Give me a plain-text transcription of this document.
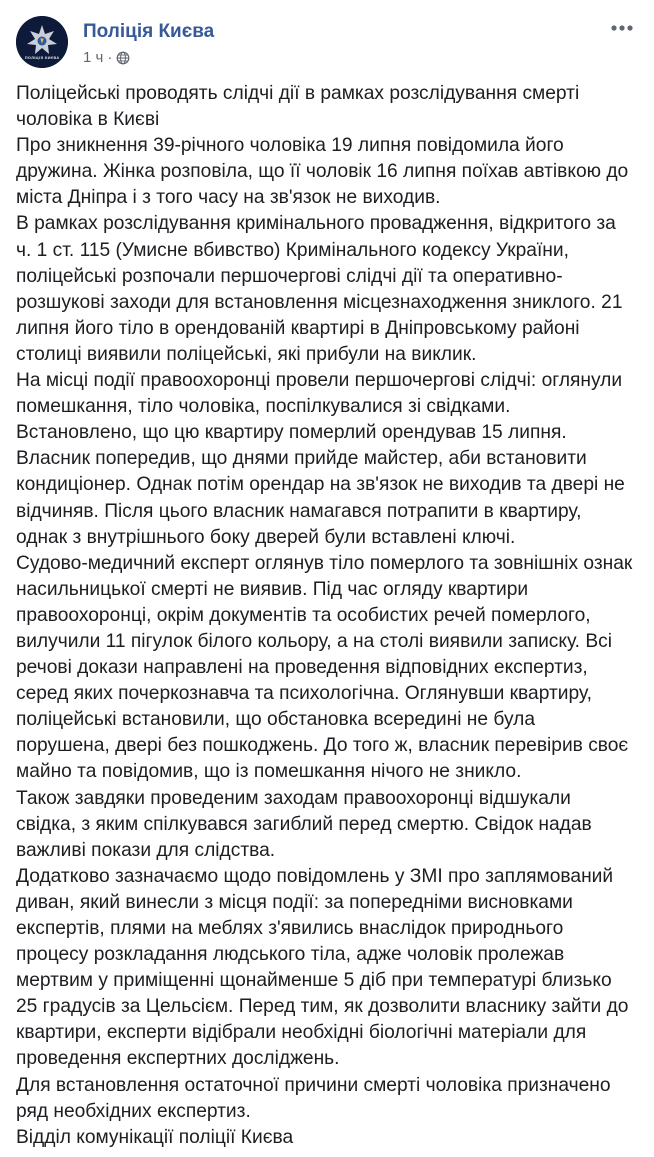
ПОЛІЦІЯ КИЄВА
Поліція Києва
1 ч ·

Поліцейські проводять слідчі дії в рамках розслідування смерті

чоловіка в Києві

Про зникнення 39-річного чоловіка 19 липня повідомила його

дружина. Жінка розповіла, що її чоловік 16 липня поїхав автівкою до

міста Дніпра і з того часу на зв'язок не виходив.

В рамках розслідування кримінального провадження, відкритого за

ч. 1 ст. 115 (Умисне вбивство) Кримінального кодексу України,

поліцейські розпочали першочергові слідчі дії та оперативно-

розшукові заходи для встановлення місцезнаходження зниклого. 21

липня його тіло в орендованій квартирі в Дніпровському районі

столиці виявили поліцейські, які прибули на виклик.

На місці події правоохоронці провели першочергові слідчі: оглянули

помешкання, тіло чоловіка, поспілкувалися зі свідками.

Встановлено, що цю квартиру померлий орендував 15 липня.

Власник попередив, що днями прийде майстер, аби встановити

кондиціонер. Однак потім орендар на зв'язок не виходив та двері не

відчиняв. Після цього власник намагався потрапити в квартиру,

однак з внутрішнього боку дверей були вставлені ключі.

Судово-медичний експерт оглянув тіло померлого та зовнішніх ознак

насильницької смерті не виявив. Під час огляду квартири

правоохоронці, окрім документів та особистих речей померлого,

вилучили 11 пігулок білого кольору, а на столі виявили записку. Всі

речові докази направлені на проведення відповідних експертиз,

серед яких почеркознавча та психологічна. Оглянувши квартиру,

поліцейські встановили, що обстановка всередині не була

порушена, двері без пошкоджень. До того ж, власник перевірив своє

майно та повідомив, що із помешкання нічого не зникло.

Також завдяки проведеним заходам правоохоронці відшукали

свідка, з яким спілкувався загиблий перед смертю. Свідок надав

важливі покази для слідства.

Додатково зазначаємо щодо повідомлень у ЗМІ про заплямований

диван, який винесли з місця події: за попередніми висновками

експертів, плями на меблях з'явились внаслідок природнього

процесу розкладання людського тіла, адже чоловік пролежав

мертвим у приміщенні щонайменше 5 діб при температурі близько

25 градусів за Цельсієм. Перед тим, як дозволити власнику зайти до

квартири, експерти відібрали необхідні біологічні матеріали для

проведення експертних досліджень.

Для встановлення остаточної причини смерті чоловіка призначено

ряд необхідних експертиз.

Відділ комунікації поліції Києва
